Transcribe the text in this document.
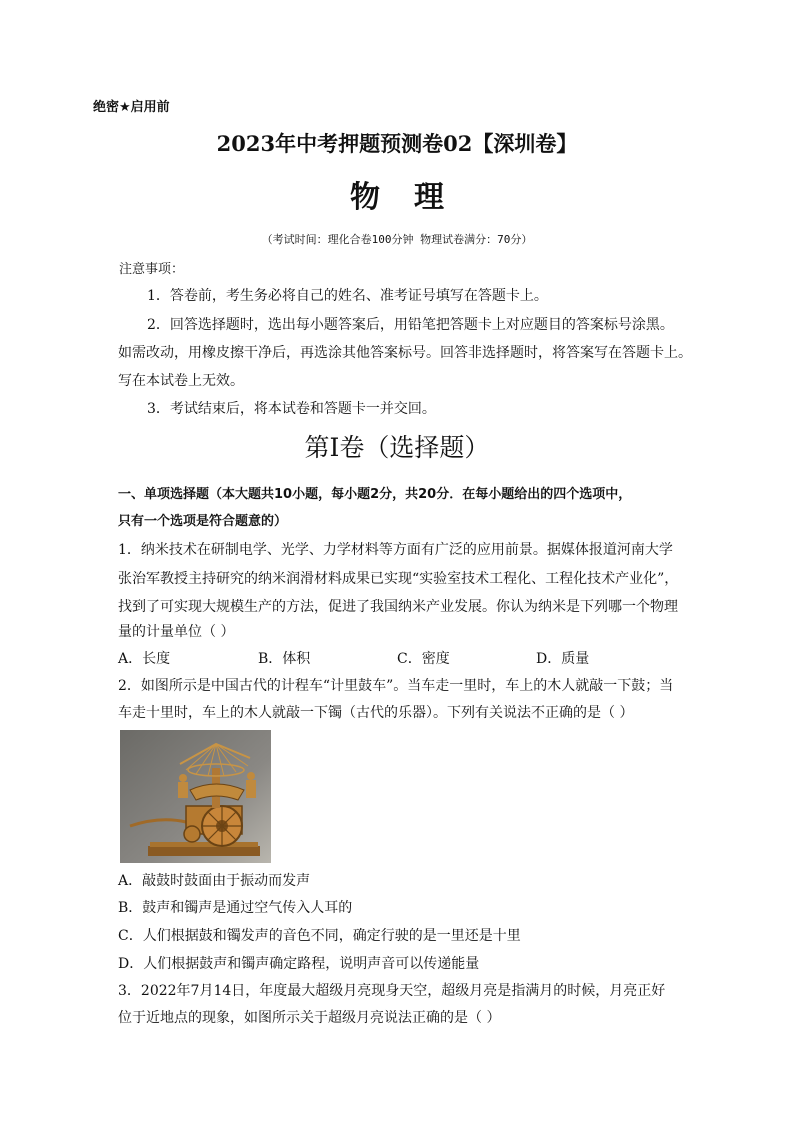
绝密★启用前
2023年中考押题预测卷02【深圳卷】
物理
（考试时间：理化合卷100分钟 物理试卷满分：70分）
注意事项：
1．答卷前，考生务必将自己的姓名、准考证号填写在答题卡上。
2．回答选择题时，选出每小题答案后，用铅笔把答题卡上对应题目的答案标号涂黑。
如需改动，用橡皮擦干净后，再选涂其他答案标号。回答非选择题时，将答案写在答题卡上。
写在本试卷上无效。
3．考试结束后，将本试卷和答题卡一并交回。
第Ⅰ卷（选择题）
一、单项选择题（本大题共10小题，每小题2分，共20分．在每小题给出的四个选项中，
只有一个选项是符合题意的）
1．纳米技术在研制电学、光学、力学材料等方面有广泛的应用前景。据媒体报道河南大学
张治军教授主持研究的纳米润滑材料成果已实现“实验室技术工程化、工程化技术产业化”，
找到了可实现大规模生产的方法，促进了我国纳米产业发展。你认为纳米是下列哪一个物理
量的计量单位（ ）
A．长度	B．体积	C．密度	D．质量
2．如图所示是中国古代的计程车“计里鼓车”。当车走一里时，车上的木人就敲一下鼓；当
车走十里时，车上的木人就敲一下镯（古代的乐器）。下列有关说法不正确的是（ ）
A．敲鼓时鼓面由于振动而发声
B．鼓声和镯声是通过空气传入人耳的
C．人们根据鼓和镯发声的音色不同，确定行驶的是一里还是十里
D．人们根据鼓声和镯声确定路程，说明声音可以传递能量
3．2022年7月14日，年度最大超级月亮现身天空，超级月亮是指满月的时候，月亮正好
位于近地点的现象，如图所示关于超级月亮说法正确的是（ ）
